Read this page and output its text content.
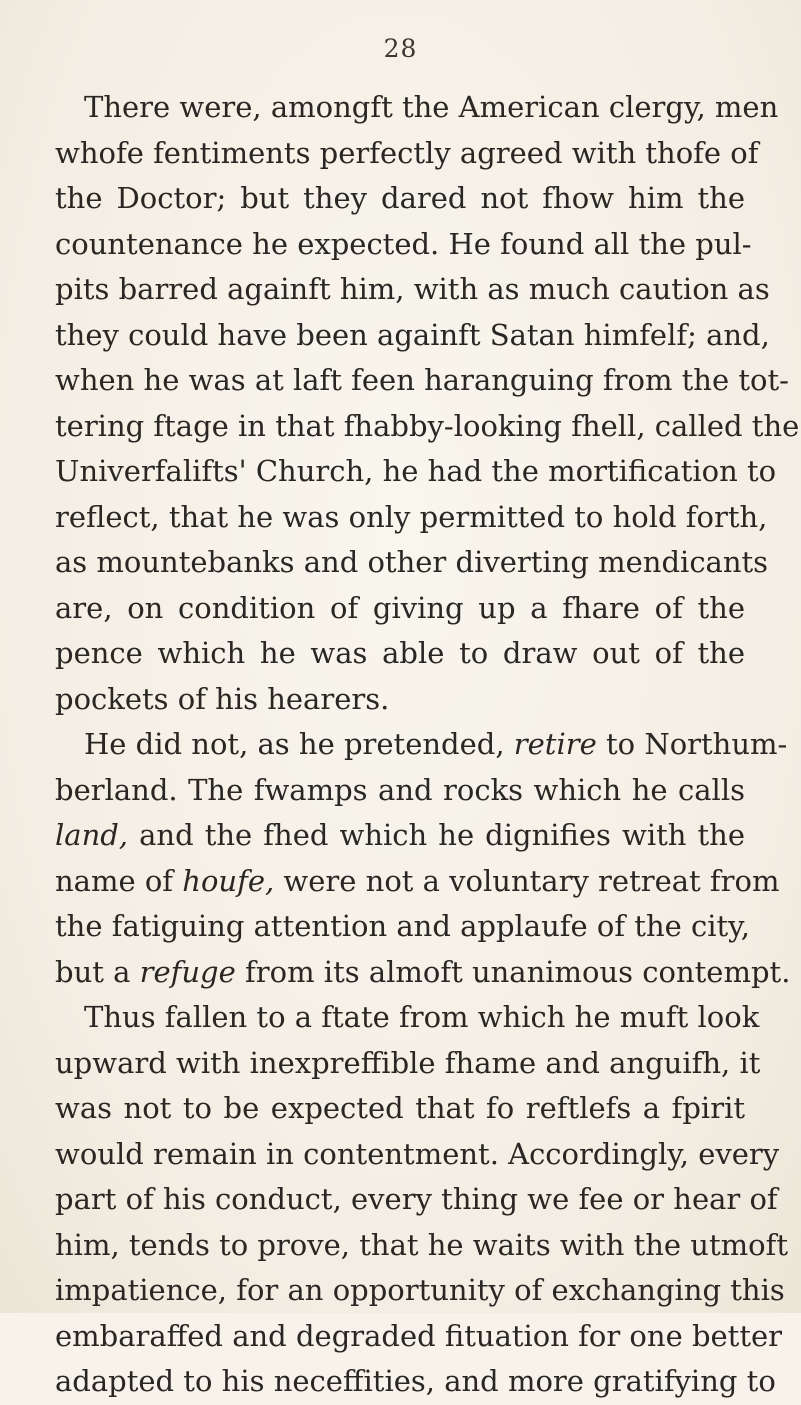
28
There were, amongft the American clergy, men
whofe fentiments perfectly agreed with thofe of
the Doctor; but they dared not fhow him the
countenance he expected. He found all the pul-
pits barred againft him, with as much caution as
they could have been againft Satan himfelf; and,
when he was at laft feen haranguing from the tot-
tering ftage in that fhabby-looking fhell, called the
Univerfalifts' Church, he had the mortification to
reflect, that he was only permitted to hold forth,
as mountebanks and other diverting mendicants
are, on condition of giving up a fhare of the
pence which he was able to draw out of the
pockets of his hearers.
He did not, as he pretended, retire to Northum-
berland. The fwamps and rocks which he calls
land, and the fhed which he dignifies with the
name of houfe, were not a voluntary retreat from
the fatiguing attention and applaufe of the city,
but a refuge from its almoft unanimous contempt.
Thus fallen to a ftate from which he muft look
upward with inexpreffible fhame and anguifh, it
was not to be expected that fo reftlefs a fpirit
would remain in contentment. Accordingly, every
part of his conduct, every thing we fee or hear of
him, tends to prove, that he waits with the utmoft
impatience, for an opportunity of exchanging this
embaraffed and degraded fituation for one better
adapted to his neceffities, and more gratifying to
